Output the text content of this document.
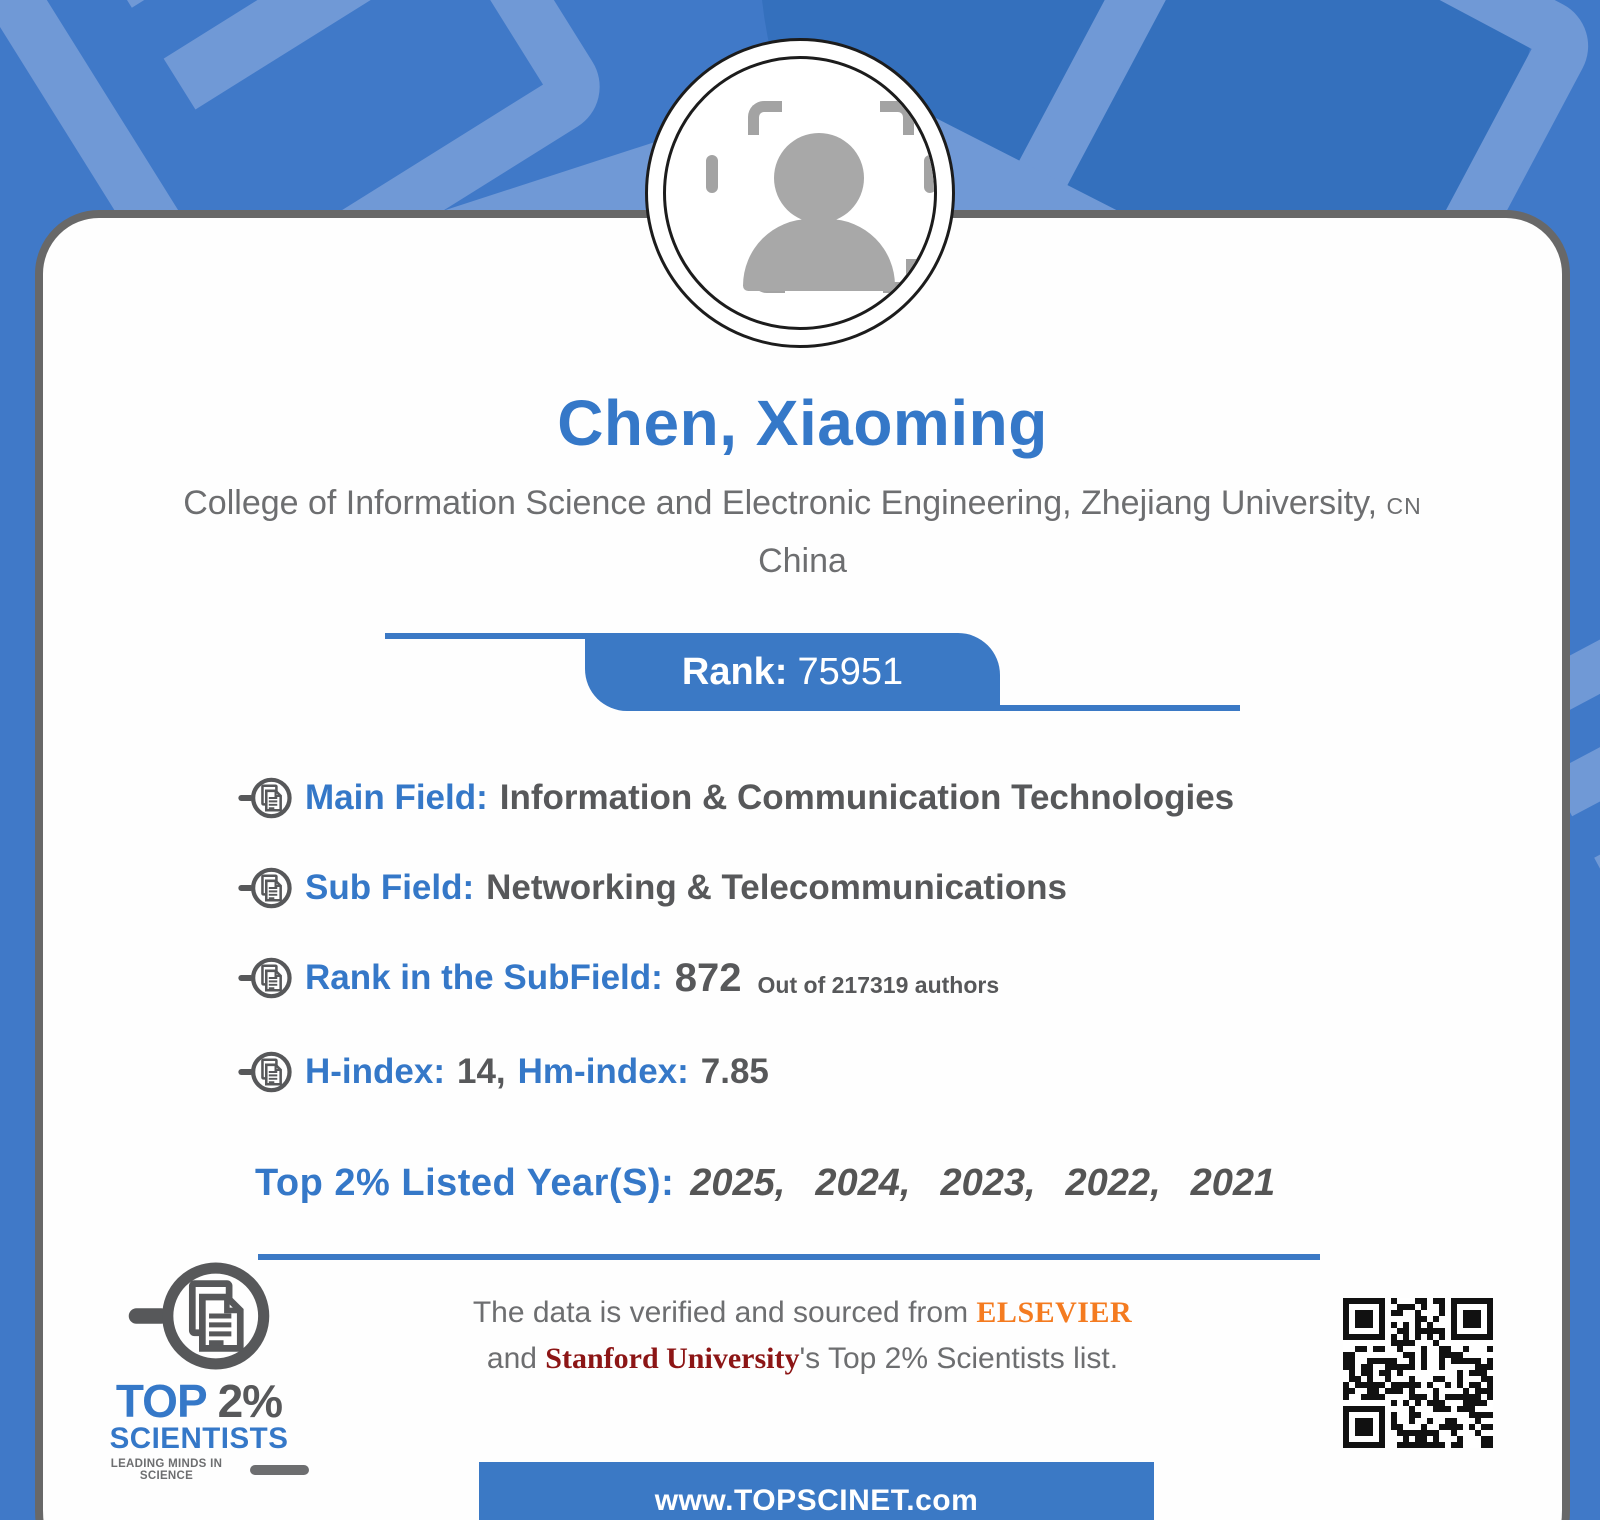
Chen, Xiaoming
College of Information Science and Electronic Engineering, Zhejiang University, CN
China
Rank: 75951
Main Field: Information & Communication Technologies
Sub Field: Networking & Telecommunications
Rank in the SubField: 872 Out of 217319 authors
H-index: 14, Hm-index: 7.85
Top 2% Listed Year(S): 2025, 2024, 2023, 2022, 2021
TOP 2%
SCIENTISTS
LEADING MINDS IN SCIENCE
The data is verified and sourced from ELSEVIER
and Stanford University's Top 2% Scientists list.
www.TOPSCINET.com
